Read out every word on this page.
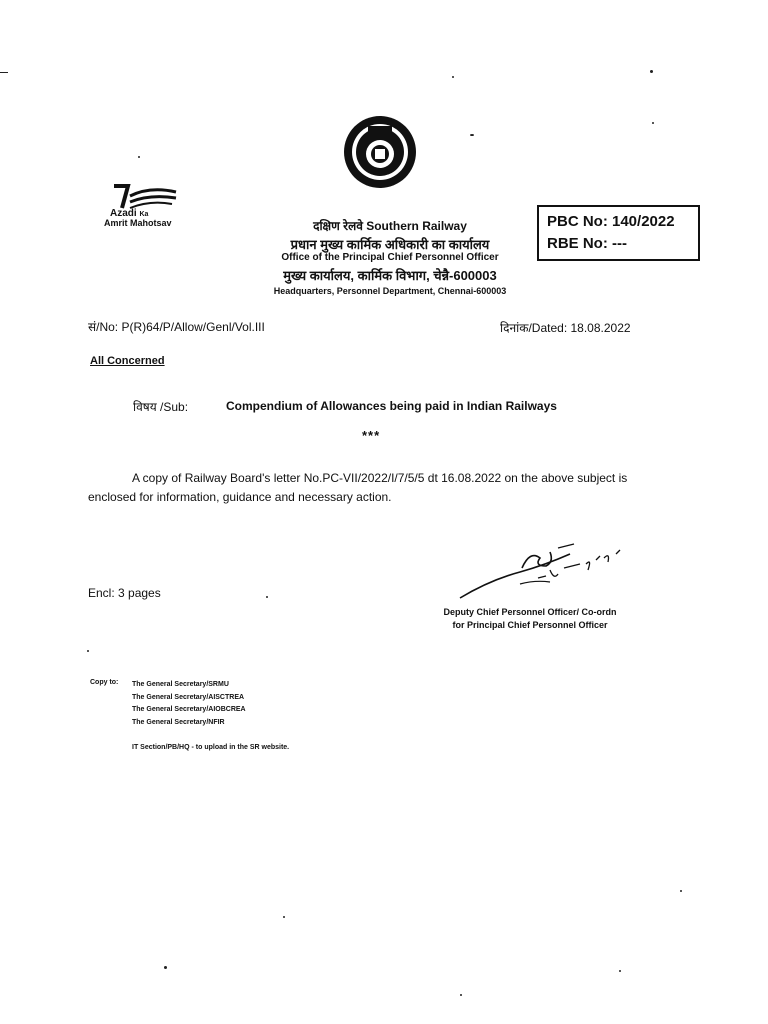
Azadi Ka
Amrit Mahotsav	दक्षिण रेलवे Southern Railway
प्रधान मुख्य कार्मिक अधिकारी का कार्यालय
Office of the Principal Chief Personnel Officer
मुख्य कार्यालय, कार्मिक विभाग, चेन्नै-600003
Headquarters, Personnel Department, Chennai-600003
PBC No: 140/2022
RBE No: ---
सं/No: P(R)64/P/Allow/Genl/Vol.III	दिनांक/Dated: 18.08.2022
All Concerned
विषय /Sub:	Compendium of Allowances being paid in Indian Railways
***
A copy of Railway Board's letter No.PC-VII/2022/I/7/5/5 dt 16.08.2022 on the above subject is enclosed for information, guidance and necessary action.
Encl: 3 pages
Deputy Chief Personnel Officer/ Co-ordn
for Principal Chief Personnel Officer
Copy to: The General Secretary/SRMU
The General Secretary/AISCTREA
The General Secretary/AIOBCREA
The General Secretary/NFIR
IT Section/PB/HQ - to upload in the SR website.
